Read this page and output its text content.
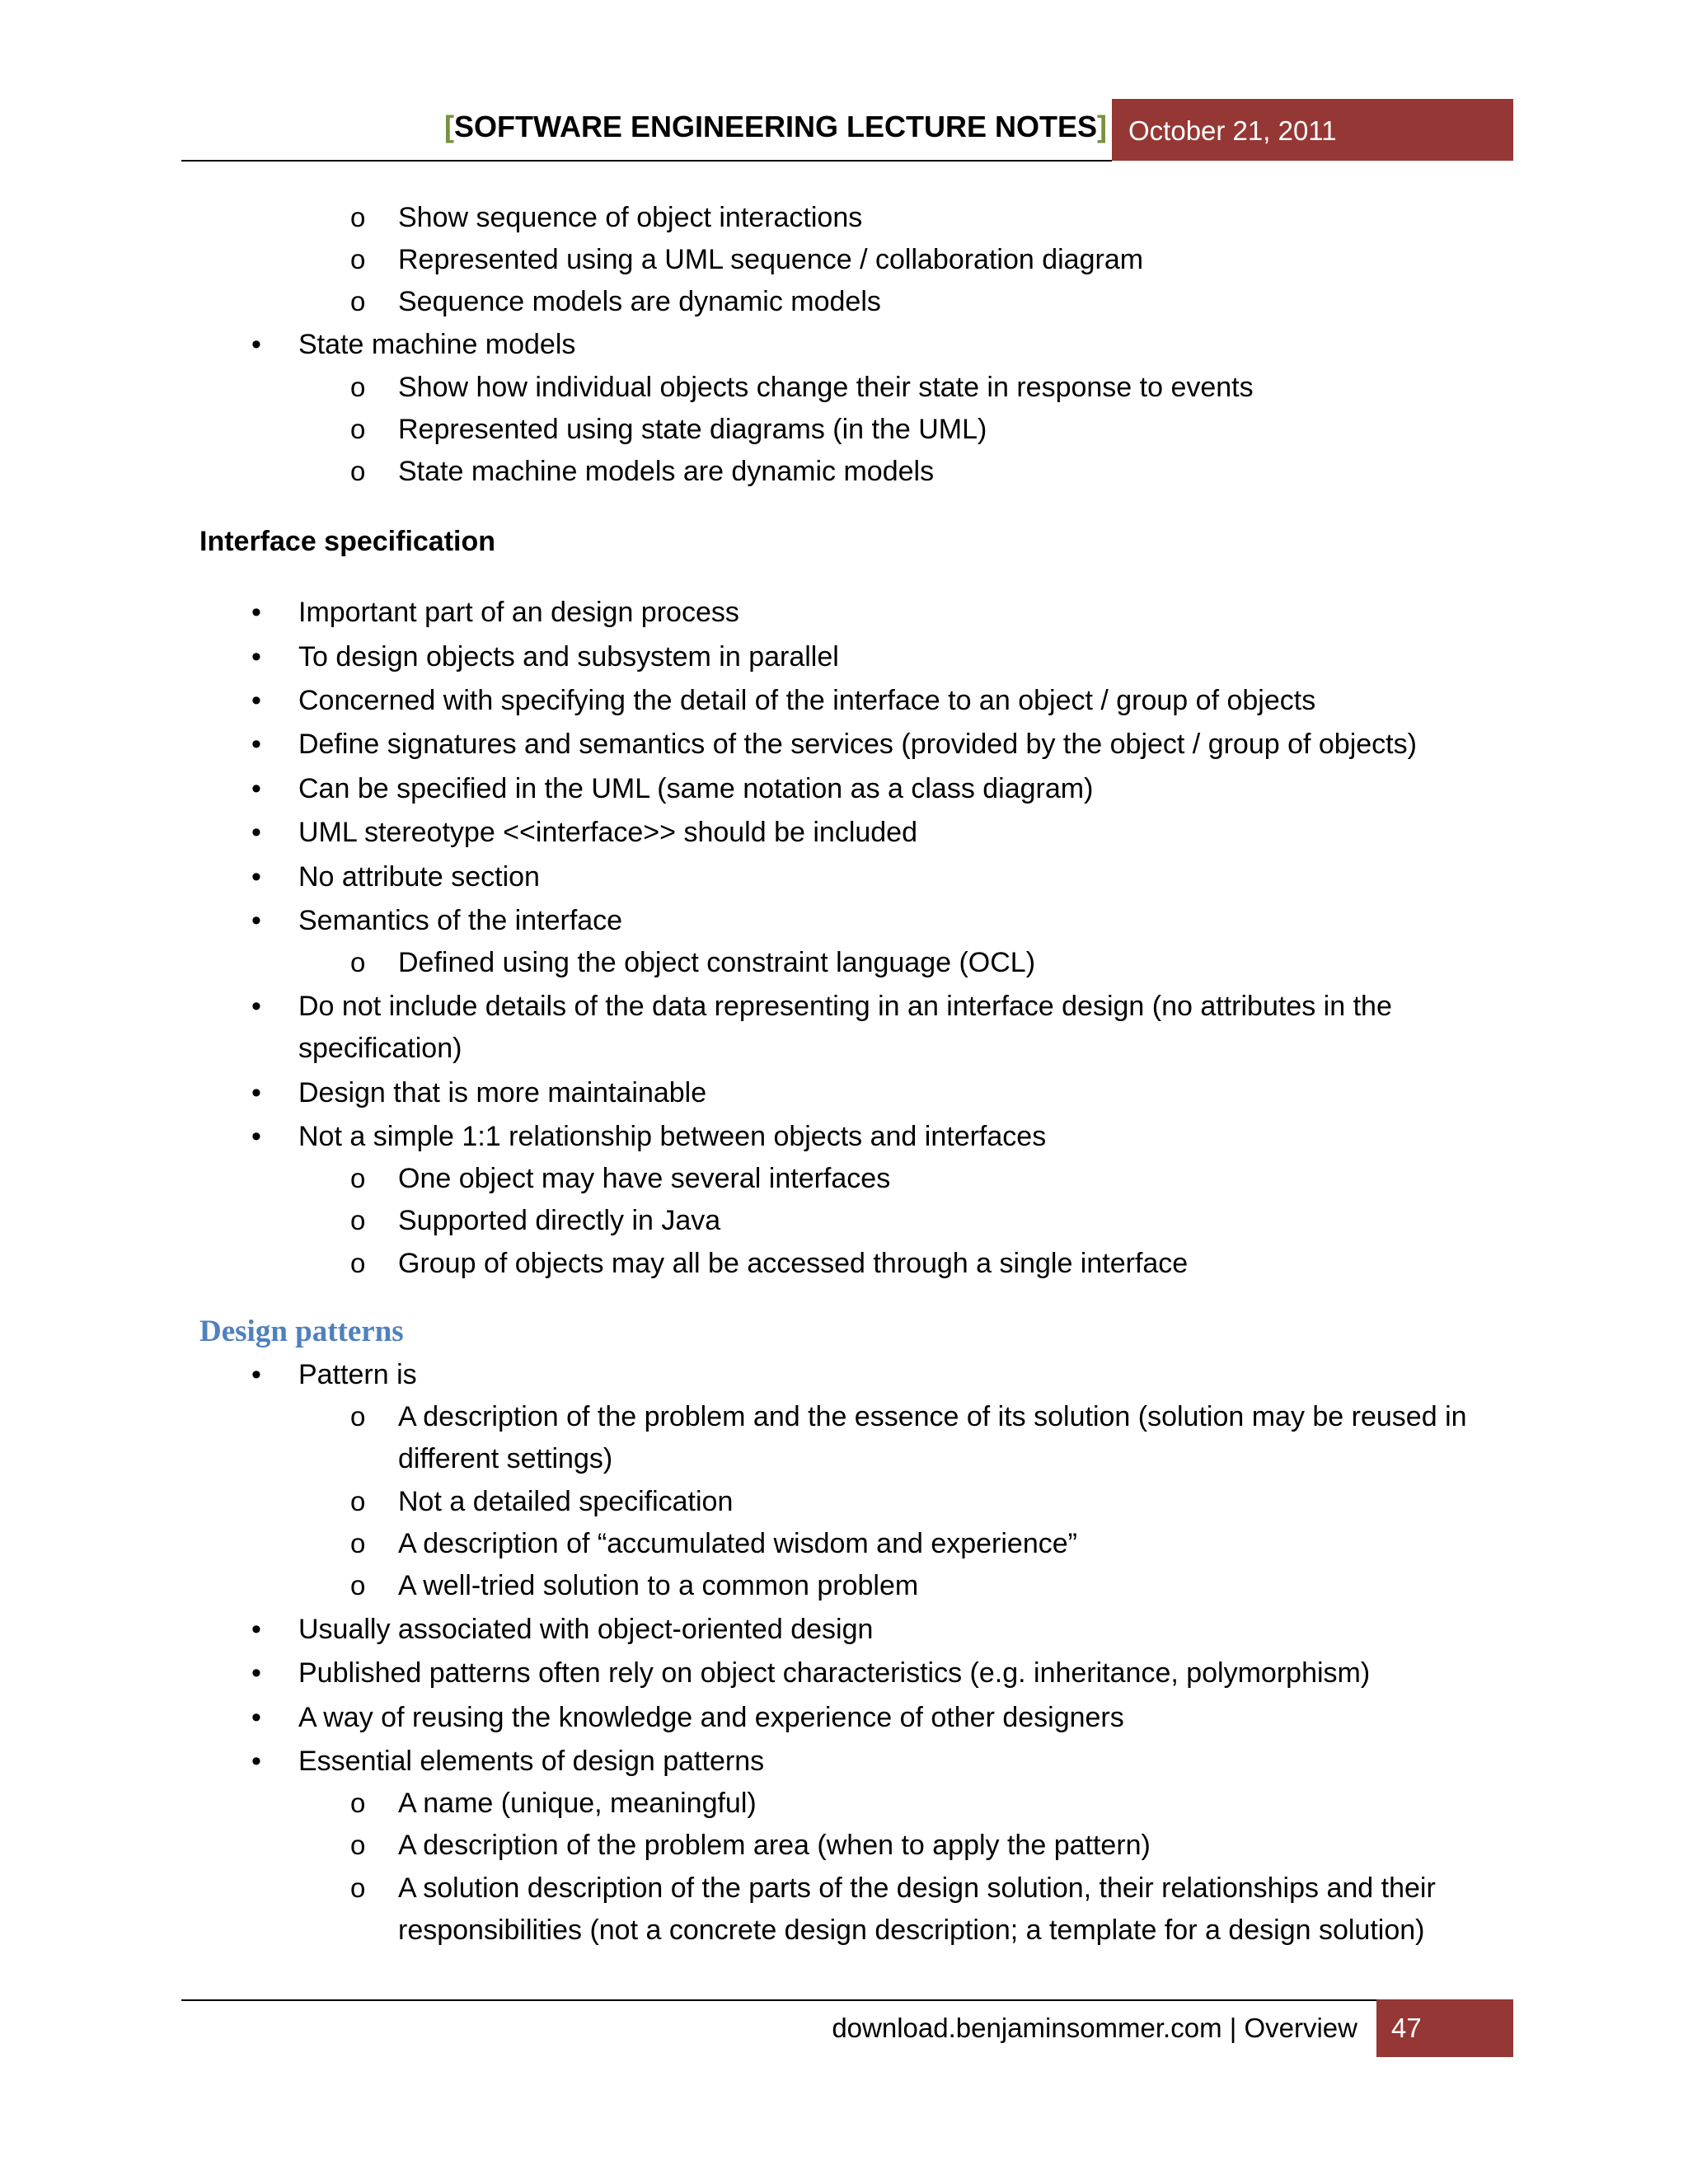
[SOFTWARE ENGINEERING LECTURE NOTES] October 21, 2011
o Show sequence of object interactions
o Represented using a UML sequence / collaboration diagram
o Sequence models are dynamic models
• State machine models
o Show how individual objects change their state in response to events
o Represented using state diagrams (in the UML)
o State machine models are dynamic models
Interface specification
• Important part of an design process
• To design objects and subsystem in parallel
• Concerned with specifying the detail of the interface to an object / group of objects
• Define signatures and semantics of the services (provided by the object / group of objects)
• Can be specified in the UML (same notation as a class diagram)
• UML stereotype <<interface>> should be included
• No attribute section
• Semantics of the interface
o Defined using the object constraint language (OCL)
• Do not include details of the data representing in an interface design (no attributes in the
specification)
• Design that is more maintainable
• Not a simple 1:1 relationship between objects and interfaces
o One object may have several interfaces
o Supported directly in Java
o Group of objects may all be accessed through a single interface
Design patterns
• Pattern is
o A description of the problem and the essence of its solution (solution may be reused in
different settings)
o Not a detailed specification
o A description of “accumulated wisdom and experience”
o A well-tried solution to a common problem
• Usually associated with object-oriented design
• Published patterns often rely on object characteristics (e.g. inheritance, polymorphism)
• A way of reusing the knowledge and experience of other designers
• Essential elements of design patterns
o A name (unique, meaningful)
o A description of the problem area (when to apply the pattern)
o A solution description of the parts of the design solution, their relationships and their
responsibilities (not a concrete design description; a template for a design solution)
download.benjaminsommer.com | Overview	47
